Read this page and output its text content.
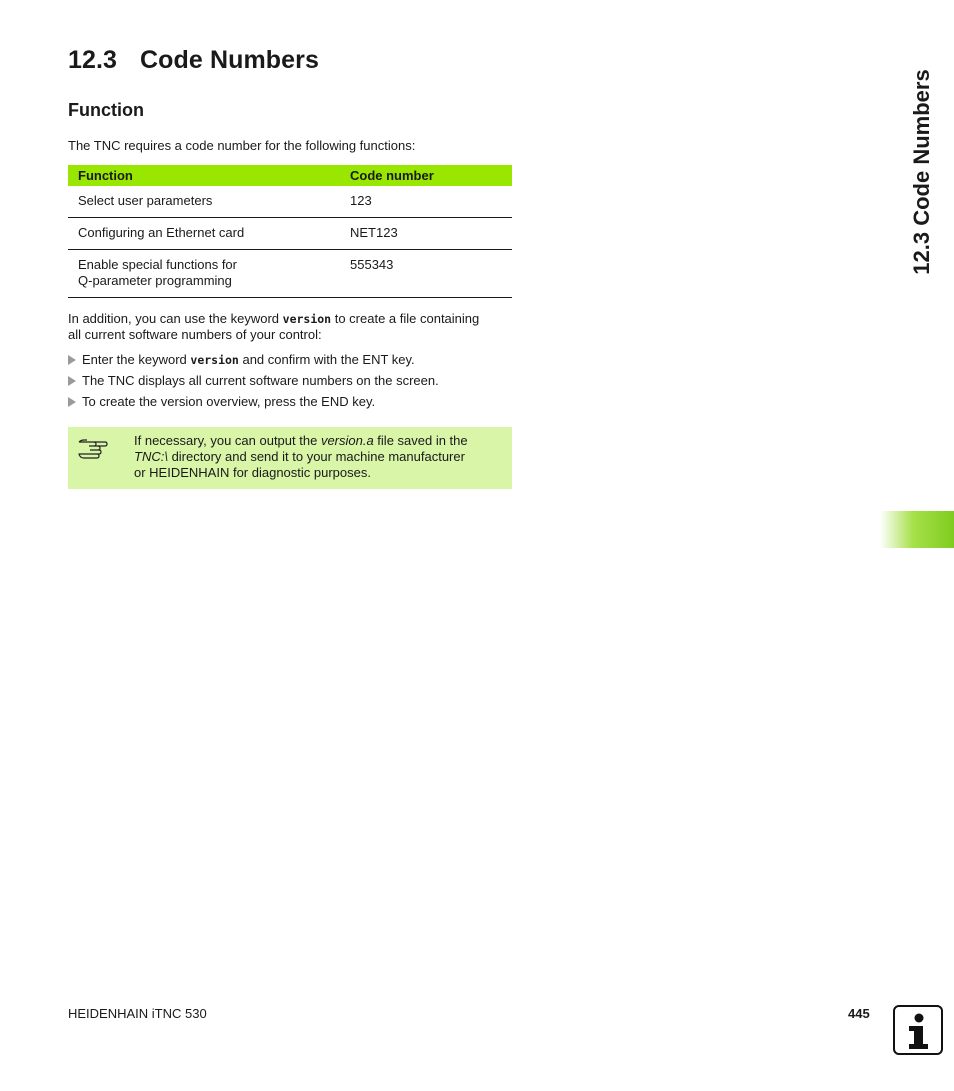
12.3 Code Numbers
Function

The TNC requires a code number for the following functions:

Function	Code number
Select user parameters	123
Configuring an Ethernet card	NET123
Enable special functions for
Q-parameter programming	555343

In addition, you can use the keyword version to create a file containing
all current software numbers of your control:

Enter the keyword version and confirm with the ENT key.
The TNC displays all current software numbers on the screen.
To create the version overview, press the END key.

If necessary, you can output the version.a file saved in the
TNC:\ directory and send it to your machine manufacturer
or HEIDENHAIN for diagnostic purposes.

12.3 Code Numbers
HEIDENHAIN iTNC 530	445
